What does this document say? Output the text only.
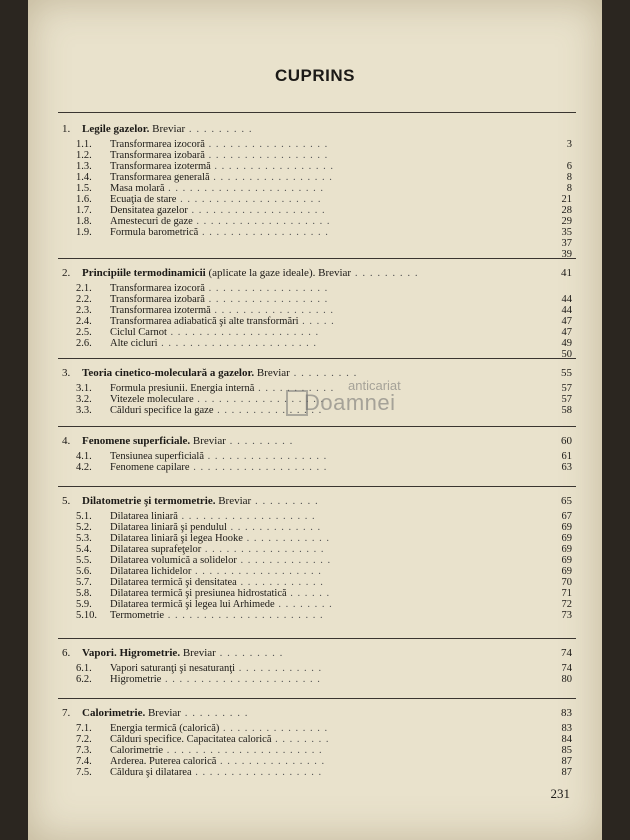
CUPRINS
1. Legile gazelor. Breviar . . . . . . . . .
1.1. Transformarea izocoră . . . . . . . . . . . . . . . . .	3
1.2. Transformarea izobară . . . . . . . . . . . . . . . . .
1.3. Transformarea izotermă . . . . . . . . . . . . . . . . .	6
1.4. Transformarea generală . . . . . . . . . . . . . . . . .	8
1.5. Masa molară . . . . . . . . . . . . . . . . . . . . . .	8
1.6. Ecuaţia de stare . . . . . . . . . . . . . . . . . . . .	21
1.7. Densitatea gazelor . . . . . . . . . . . . . . . . . . .	28
1.8. Amestecuri de gaze . . . . . . . . . . . . . . . . . . .	29
1.9. Formula barometrică . . . . . . . . . . . . . . . . . .	35
37
39
2. Principiile termodinamicii (aplicate la gaze ideale). Breviar . . . . . . . . .	41
2.1. Transformarea izocoră . . . . . . . . . . . . . . . . .
2.2. Transformarea izobară . . . . . . . . . . . . . . . . .	44
2.3. Transformarea izotermă . . . . . . . . . . . . . . . . .	44
2.4. Transformarea adiabatică şi alte transformări . . . . .	47
2.5. Ciclul Carnot . . . . . . . . . . . . . . . . . . . . .	47
2.6. Alte cicluri . . . . . . . . . . . . . . . . . . . . . .	49
50
3. Teoria cinetico-moleculară a gazelor. Breviar . . . . . . . . .	55
3.1. Formula presiunii. Energia internă . . . . . . . . . . .	57
3.2. Vitezele moleculare . . . . . . . . . . . . . . . . . .	57
3.3. Călduri specifice la gaze . . . . . . . . . . . . . . .	58
4. Fenomene superficiale. Breviar . . . . . . . . .	60
4.1. Tensiunea superficială . . . . . . . . . . . . . . . . .	61
4.2. Fenomene capilare . . . . . . . . . . . . . . . . . . .	63
5. Dilatometrie şi termometrie. Breviar . . . . . . . . .	65
5.1. Dilatarea liniară . . . . . . . . . . . . . . . . . . .	67
5.2. Dilatarea liniară şi pendulul . . . . . . . . . . . . .	69
5.3. Dilatarea liniară şi legea Hooke . . . . . . . . . . . .	69
5.4. Dilatarea suprafeţelor . . . . . . . . . . . . . . . . .	69
5.5. Dilatarea volumică a solidelor . . . . . . . . . . . . .	69
5.6. Dilatarea lichidelor . . . . . . . . . . . . . . . . . .	69
5.7. Dilatarea termică şi densitatea . . . . . . . . . . . .	70
5.8. Dilatarea termică şi presiunea hidrostatică . . . . . .	71
5.9. Dilatarea termică şi legea lui Arhimede . . . . . . . .	72
5.10. Termometrie . . . . . . . . . . . . . . . . . . . . . .	73
6. Vapori. Higrometrie. Breviar . . . . . . . . .	74
6.1. Vapori saturanţi şi nesaturanţi . . . . . . . . . . . .	74
6.2. Higrometrie . . . . . . . . . . . . . . . . . . . . . .	80
7. Calorimetrie. Breviar . . . . . . . . .	83
7.1. Energia termică (calorică) . . . . . . . . . . . . . . .	83
7.2. Călduri specifice. Capacitatea calorică . . . . . . . .	84
7.3. Calorimetrie . . . . . . . . . . . . . . . . . . . . . .	85
7.4. Arderea. Puterea calorică . . . . . . . . . . . . . . .	87
7.5. Căldura şi dilatarea . . . . . . . . . . . . . . . . . .	87
anticariat
Doamnei
231
